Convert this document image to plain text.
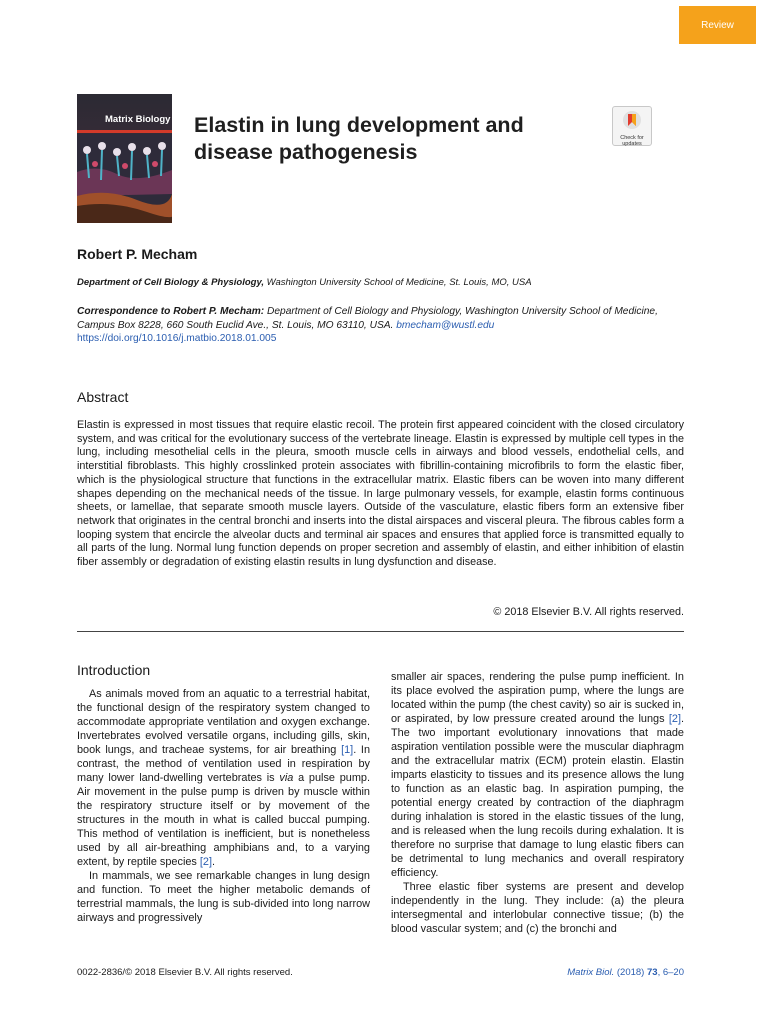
Review
Matrix Biology Elastin in lung development and
disease pathogenesis
Check for
updates
Robert P. Mecham
Department of Cell Biology & Physiology, Washington University School of Medicine, St. Louis, MO, USA
Correspondence to Robert P. Mecham: Department of Cell Biology and Physiology, Washington University School of Medicine, Campus Box 8228, 660 South Euclid Ave., St. Louis, MO 63110, USA. bmecham@wustl.edu
https://doi.org/10.1016/j.matbio.2018.01.005
Abstract

Elastin is expressed in most tissues that require elastic recoil. The protein first appeared coincident with the closed circulatory system, and was critical for the evolutionary success of the vertebrate lineage. Elastin is expressed by multiple cell types in the lung, including mesothelial cells in the pleura, smooth muscle cells in airways and blood vessels, endothelial cells, and interstitial fibroblasts. This highly crosslinked protein associates with fibrillin-containing microfibrils to form the elastic fiber, which is the physiological structure that functions in the extracellular matrix. Elastic fibers can be woven into many different shapes depending on the mechanical needs of the tissue. In large pulmonary vessels, for example, elastin forms continuous sheets, or lamellae, that separate smooth muscle layers. Outside of the vasculature, elastic fibers form an extensive fiber network that originates in the central bronchi and inserts into the distal airspaces and visceral pleura. The fibrous cables form a looping system that encircle the alveolar ducts and terminal air spaces and ensures that applied force is transmitted equally to all parts of the lung. Normal lung function depends on proper secretion and assembly of elastin, and either inhibition of elastin fiber assembly or degradation of existing elastin results in lung dysfunction and disease.

© 2018 Elsevier B.V. All rights reserved.
Introduction

As animals moved from an aquatic to a terrestrial habitat, the functional design of the respiratory system changed to accommodate appropriate ventilation and oxygen exchange. Invertebrates evolved versatile organs, including gills, skin, book lungs, and tracheae systems, for air breathing [1]. In contrast, the method of ventilation used in respiration by many lower land-dwelling vertebrates is via a pulse pump. Air movement in the pulse pump is driven by muscle within the respiratory structure itself or by movement of the structures in the mouth in what is called buccal pumping. This method of ventilation is inefficient, but is nonetheless used by all air-breathing amphibians and, to a varying extent, by reptile species [2].

In mammals, we see remarkable changes in lung design and function. To meet the higher metabolic demands of terrestrial mammals, the lung is sub-divided into long narrow airways and progressively

smaller air spaces, rendering the pulse pump inefficient. In its place evolved the aspiration pump, where the lungs are located within the pump (the chest cavity) so air is sucked in, or aspirated, by low pressure created around the lungs [2]. The two important evolutionary innovations that made aspiration ventilation possible were the muscular diaphragm and the extracellular matrix (ECM) protein elastin. Elastin imparts elasticity to tissues and its presence allows the lung to function as an elastic bag. In aspiration pumping, the potential energy created by contraction of the diaphragm during inhalation is stored in the elastic tissues of the lung, and is released when the lung recoils during exhalation. It is therefore no surprise that damage to lung elastic fibers can be detrimental to lung mechanics and overall respiratory efficiency.

Three elastic fiber systems are present and develop independently in the lung. They include: (a) the pleura intersegmental and interlobular connective tissue; (b) the blood vascular system; and (c) the bronchi and

0022-2836/© 2018 Elsevier B.V. All rights reserved.	Matrix Biol. (2018) 73, 6–20
